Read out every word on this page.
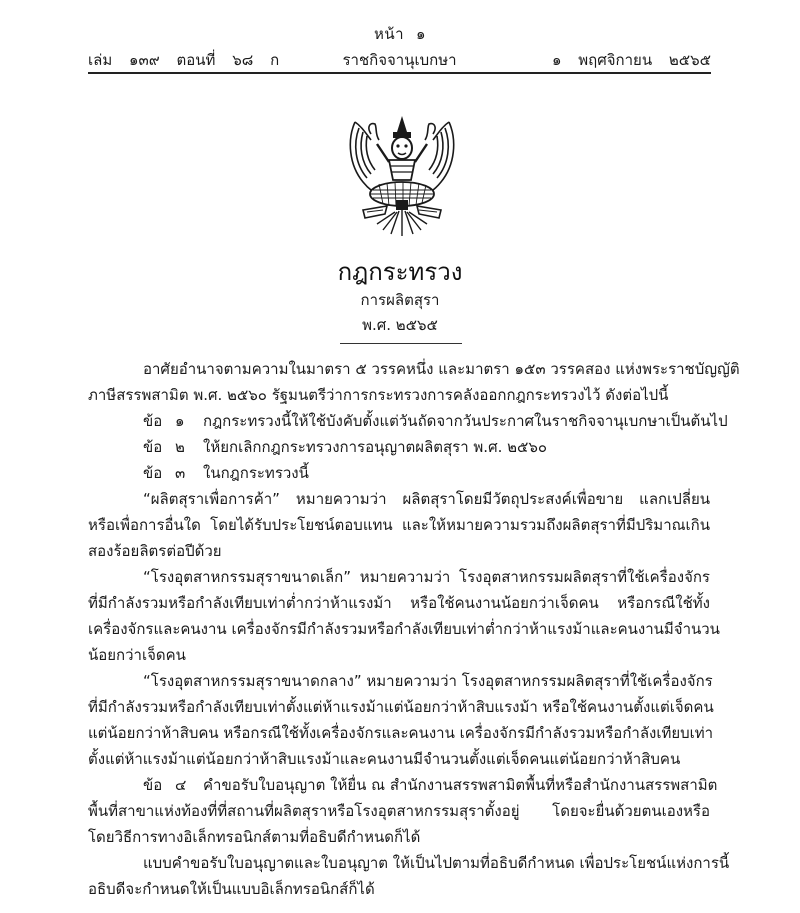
หน้า ๑
เล่ม ๑๓๙ ตอนที่ ๖๘ ก	ราชกิจจานุเบกษา	๑ พฤศจิกายน ๒๕๖๕
กฎกระทรวง
การผลิตสุรา
พ.ศ. ๒๕๖๕
อาศัยอำนาจตามความในมาตรา ๕ วรรคหนึ่ง และมาตรา ๑๕๓ วรรคสอง แห่งพระราชบัญญัติ
ภาษีสรรพสามิต พ.ศ. ๒๕๖๐ รัฐมนตรีว่าการกระทรวงการคลังออกกฎกระทรวงไว้ ดังต่อไปนี้
ข้อ ๑ กฎกระทรวงนี้ให้ใช้บังคับตั้งแต่วันถัดจากวันประกาศในราชกิจจานุเบกษาเป็นต้นไป
ข้อ ๒ ให้ยกเลิกกฎกระทรวงการอนุญาตผลิตสุรา พ.ศ. ๒๕๖๐
ข้อ ๓ ในกฎกระทรวงนี้
“ผลิตสุราเพื่อการค้า” หมายความว่า ผลิตสุราโดยมีวัตถุประสงค์เพื่อขาย แลกเปลี่ยน
หรือเพื่อการอื่นใด โดยได้รับประโยชน์ตอบแทน และให้หมายความรวมถึงผลิตสุราที่มีปริมาณเกิน
สองร้อยลิตรต่อปีด้วย
“โรงอุตสาหกรรมสุราขนาดเล็ก” หมายความว่า โรงอุตสาหกรรมผลิตสุราที่ใช้เครื่องจักร
ที่มีกำลังรวมหรือกำลังเทียบเท่าต่ำกว่าห้าแรงม้า หรือใช้คนงานน้อยกว่าเจ็ดคน หรือกรณีใช้ทั้ง
เครื่องจักรและคนงาน เครื่องจักรมีกำลังรวมหรือกำลังเทียบเท่าต่ำกว่าห้าแรงม้าและคนงานมีจำนวน
น้อยกว่าเจ็ดคน
“โรงอุตสาหกรรมสุราขนาดกลาง” หมายความว่า โรงอุตสาหกรรมผลิตสุราที่ใช้เครื่องจักร
ที่มีกำลังรวมหรือกำลังเทียบเท่าตั้งแต่ห้าแรงม้าแต่น้อยกว่าห้าสิบแรงม้า หรือใช้คนงานตั้งแต่เจ็ดคน
แต่น้อยกว่าห้าสิบคน หรือกรณีใช้ทั้งเครื่องจักรและคนงาน เครื่องจักรมีกำลังรวมหรือกำลังเทียบเท่า
ตั้งแต่ห้าแรงม้าแต่น้อยกว่าห้าสิบแรงม้าและคนงานมีจำนวนตั้งแต่เจ็ดคนแต่น้อยกว่าห้าสิบคน
ข้อ ๔ คำขอรับใบอนุญาต ให้ยื่น ณ สำนักงานสรรพสามิตพื้นที่หรือสำนักงานสรรพสามิต
พื้นที่สาขาแห่งท้องที่ที่สถานที่ผลิตสุราหรือโรงอุตสาหกรรมสุราตั้งอยู่ โดยจะยื่นด้วยตนเองหรือ
โดยวิธีการทางอิเล็กทรอนิกส์ตามที่อธิบดีกำหนดก็ได้
แบบคำขอรับใบอนุญาตและใบอนุญาต ให้เป็นไปตามที่อธิบดีกำหนด เพื่อประโยชน์แห่งการนี้
อธิบดีจะกำหนดให้เป็นแบบอิเล็กทรอนิกส์ก็ได้
